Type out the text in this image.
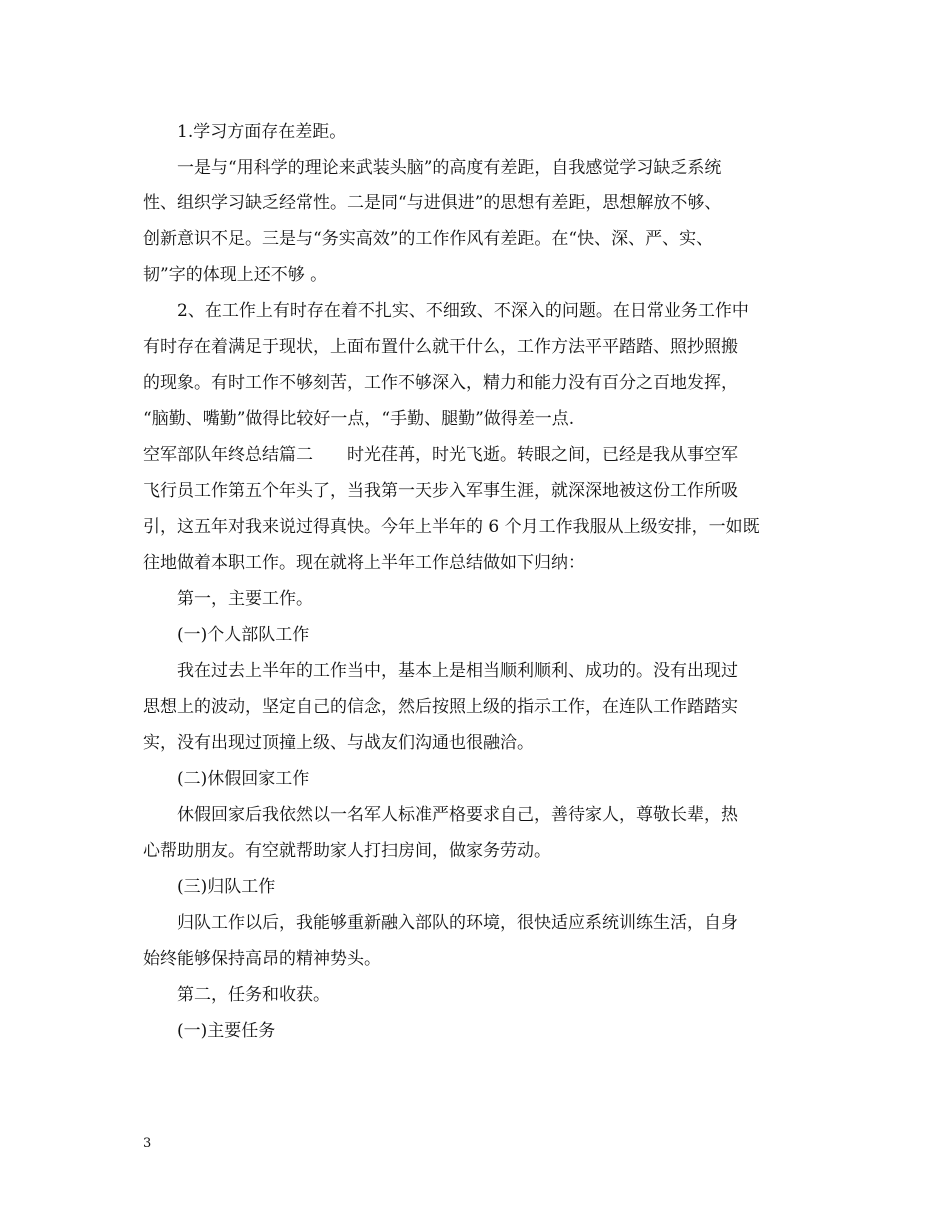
1.学习方面存在差距。
一是与“用科学的理论来武装头脑”的高度有差距，自我感觉学习缺乏系统
性、组织学习缺乏经常性。二是同“与进俱进”的思想有差距，思想解放不够、
创新意识不足。三是与“务实高效”的工作作风有差距。在“快、深、严、实、
韧”字的体现上还不够 。
2、在工作上有时存在着不扎实、不细致、不深入的问题。在日常业务工作中
有时存在着满足于现状，上面布置什么就干什么，工作方法平平踏踏、照抄照搬
的现象。有时工作不够刻苦，工作不够深入，精力和能力没有百分之百地发挥，
“脑勤、嘴勤”做得比较好一点，“手勤、腿勤”做得差一点.
空军部队年终总结篇二　　时光荏苒，时光飞逝。转眼之间，已经是我从事空军
飞行员工作第五个年头了，当我第一天步入军事生涯，就深深地被这份工作所吸
引，这五年对我来说过得真快。今年上半年的 6 个月工作我服从上级安排，一如既
往地做着本职工作。现在就将上半年工作总结做如下归纳：
第一，主要工作。
(一)个人部队工作
我在过去上半年的工作当中，基本上是相当顺利顺利、成功的。没有出现过
思想上的波动，坚定自己的信念，然后按照上级的指示工作，在连队工作踏踏实
实，没有出现过顶撞上级、与战友们沟通也很融洽。
(二)休假回家工作
休假回家后我依然以一名军人标准严格要求自己，善待家人，尊敬长辈，热
心帮助朋友。有空就帮助家人打扫房间，做家务劳动。
(三)归队工作
归队工作以后，我能够重新融入部队的环境，很快适应系统训练生活，自身
始终能够保持高昂的精神势头。
第二，任务和收获。
(一)主要任务
3
